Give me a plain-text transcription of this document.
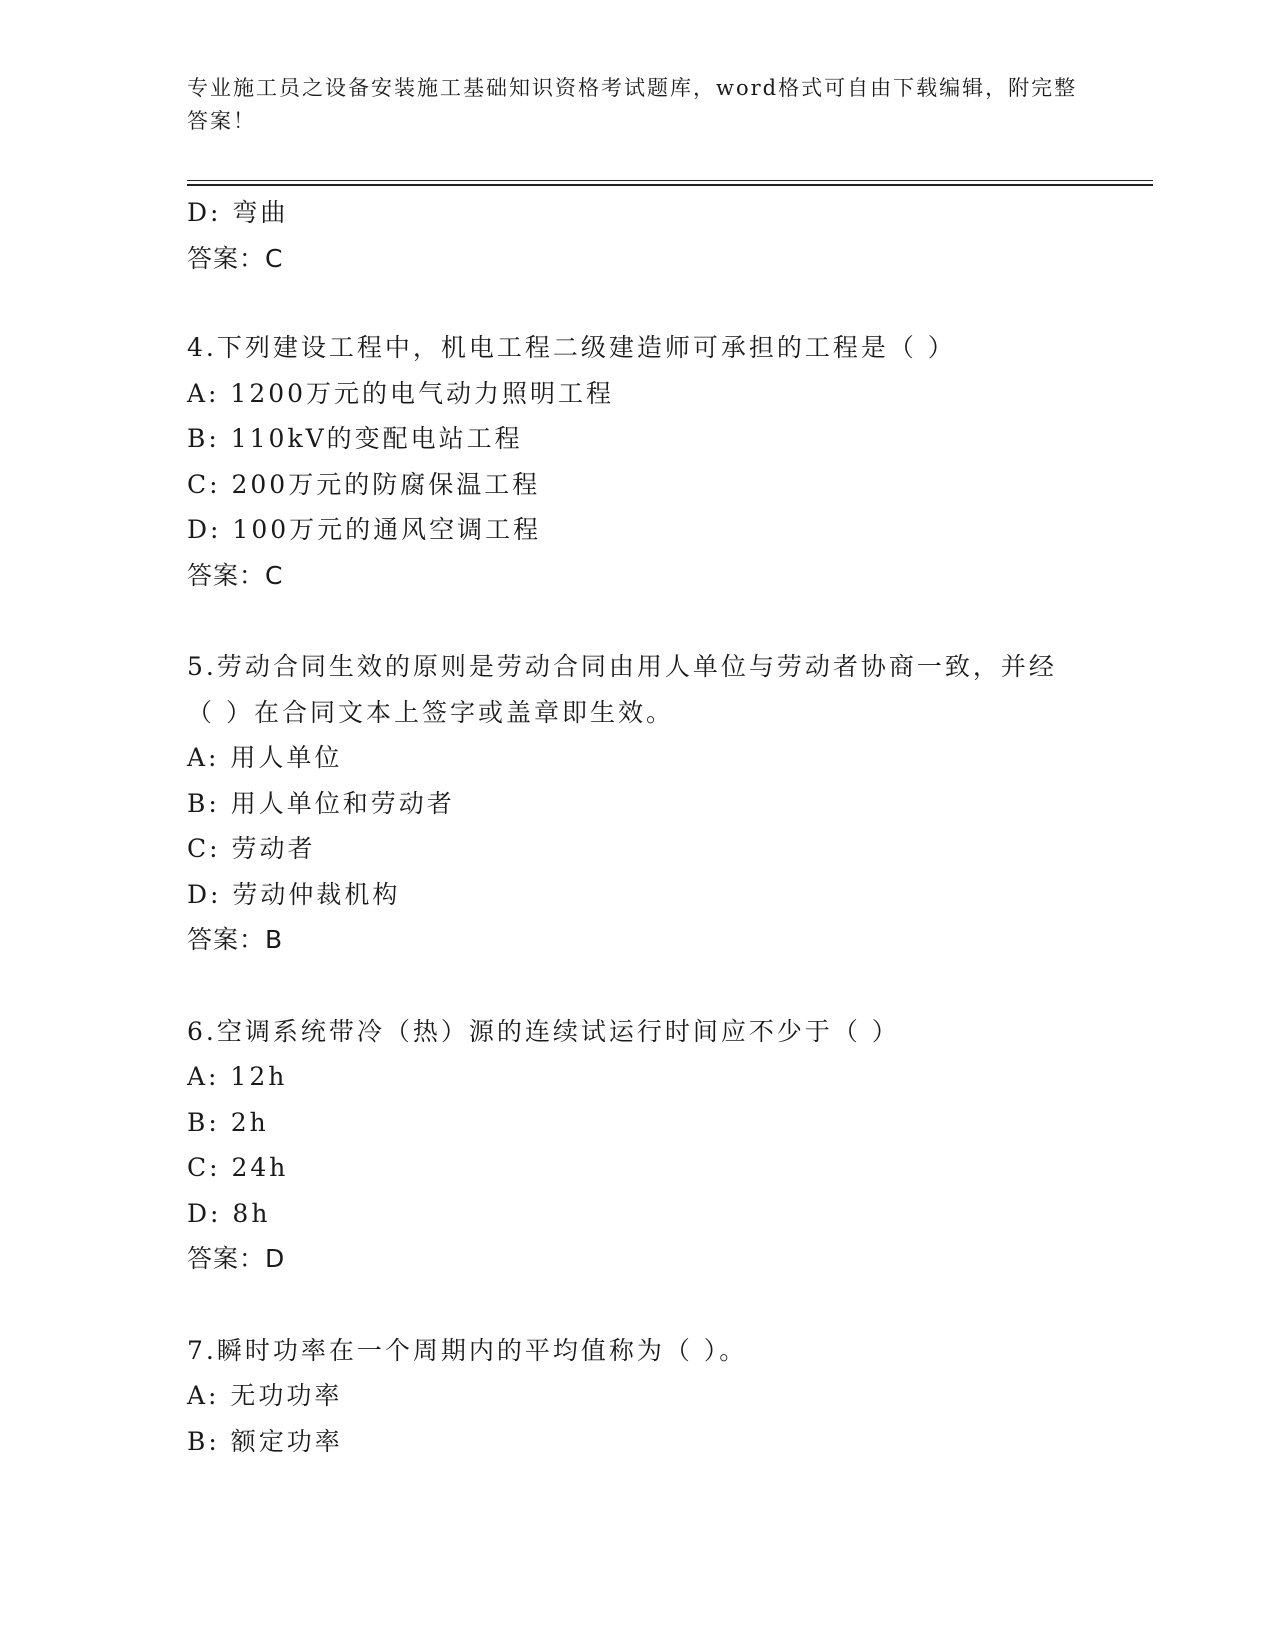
专业施工员之设备安装施工基础知识资格考试题库，word格式可自由下载编辑，附完整答案！

D: 弯曲

答案：C

4.下列建设工程中，机电工程二级建造师可承担的工程是（ ）

A: 1200万元的电气动力照明工程

B: 110kV的变配电站工程

C: 200万元的防腐保温工程

D: 100万元的通风空调工程

答案：C

5.劳动合同生效的原则是劳动合同由用人单位与劳动者协商一致，并经（ ）在合同文本上签字或盖章即生效。

A: 用人单位

B: 用人单位和劳动者

C: 劳动者

D: 劳动仲裁机构

答案：B

6.空调系统带冷（热）源的连续试运行时间应不少于（ ）

A: 12h

B: 2h

C: 24h

D: 8h

答案：D

7.瞬时功率在一个周期内的平均值称为（ ）。

A: 无功功率

B: 额定功率
